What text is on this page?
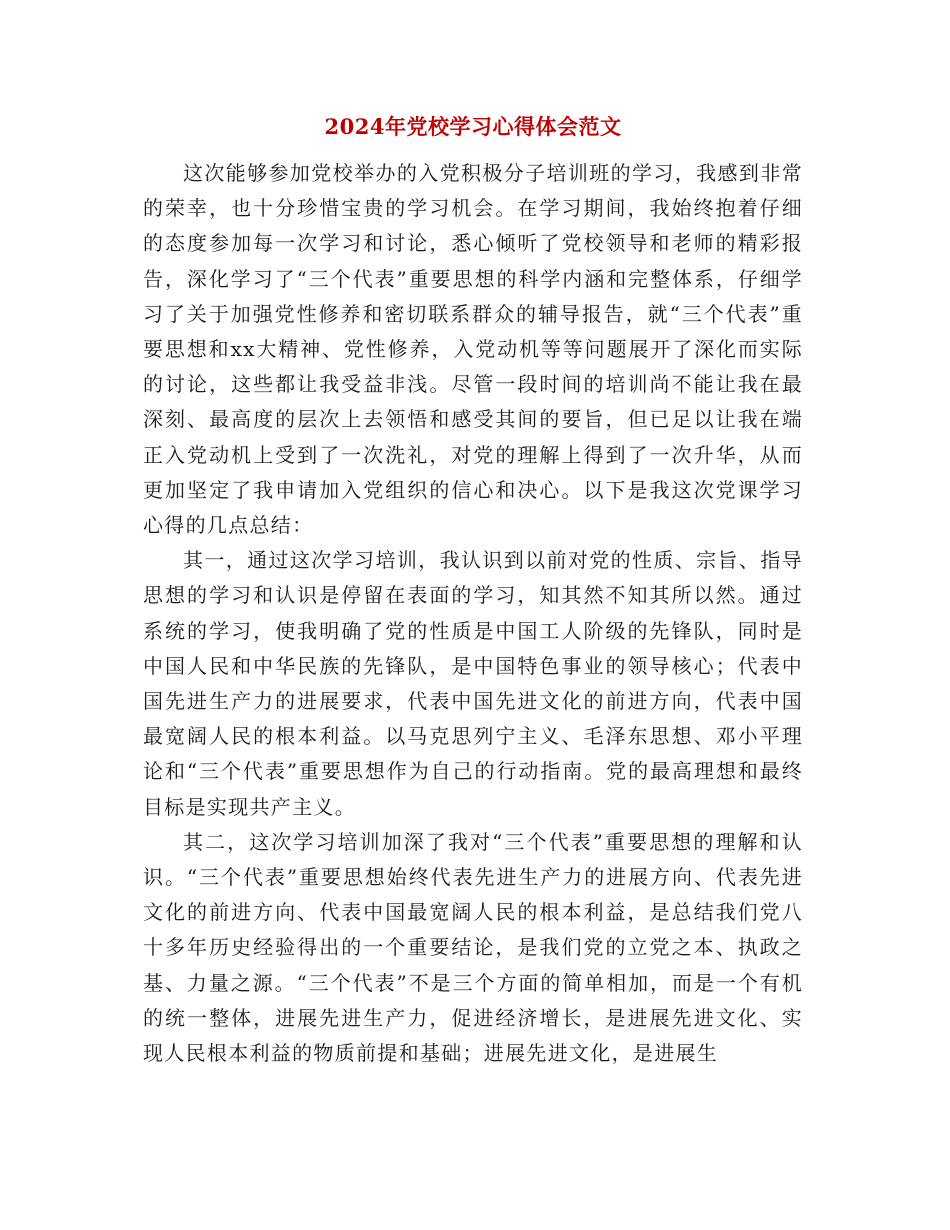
2024年党校学习心得体会范文

这次能够参加党校举办的入党积极分子培训班的学习，我感到非常的荣幸，也十分珍惜宝贵的学习机会。在学习期间，我始终抱着仔细的态度参加每一次学习和讨论，悉心倾听了党校领导和老师的精彩报告，深化学习了“三个代表”重要思想的科学内涵和完整体系，仔细学习了关于加强党性修养和密切联系群众的辅导报告，就“三个代表”重要思想和xx大精神、党性修养，入党动机等等问题展开了深化而实际的讨论，这些都让我受益非浅。尽管一段时间的培训尚不能让我在最深刻、最高度的层次上去领悟和感受其间的要旨，但已足以让我在端正入党动机上受到了一次洗礼，对党的理解上得到了一次升华，从而更加坚定了我申请加入党组织的信心和决心。以下是我这次党课学习心得的几点总结：

其一，通过这次学习培训，我认识到以前对党的性质、宗旨、指导思想的学习和认识是停留在表面的学习，知其然不知其所以然。通过系统的学习，使我明确了党的性质是中国工人阶级的先锋队，同时是中国人民和中华民族的先锋队，是中国特色事业的领导核心；代表中国先进生产力的进展要求，代表中国先进文化的前进方向，代表中国最宽阔人民的根本利益。以马克思列宁主义、毛泽东思想、邓小平理论和“三个代表”重要思想作为自己的行动指南。党的最高理想和最终目标是实现共产主义。

其二，这次学习培训加深了我对“三个代表”重要思想的理解和认识。“三个代表”重要思想始终代表先进生产力的进展方向、代表先进文化的前进方向、代表中国最宽阔人民的根本利益，是总结我们党八十多年历史经验得出的一个重要结论，是我们党的立党之本、执政之基、力量之源。“三个代表”不是三个方面的简单相加，而是一个有机的统一整体，进展先进生产力，促进经济增长，是进展先进文化、实现人民根本利益的物质前提和基础；进展先进文化，是进展生
